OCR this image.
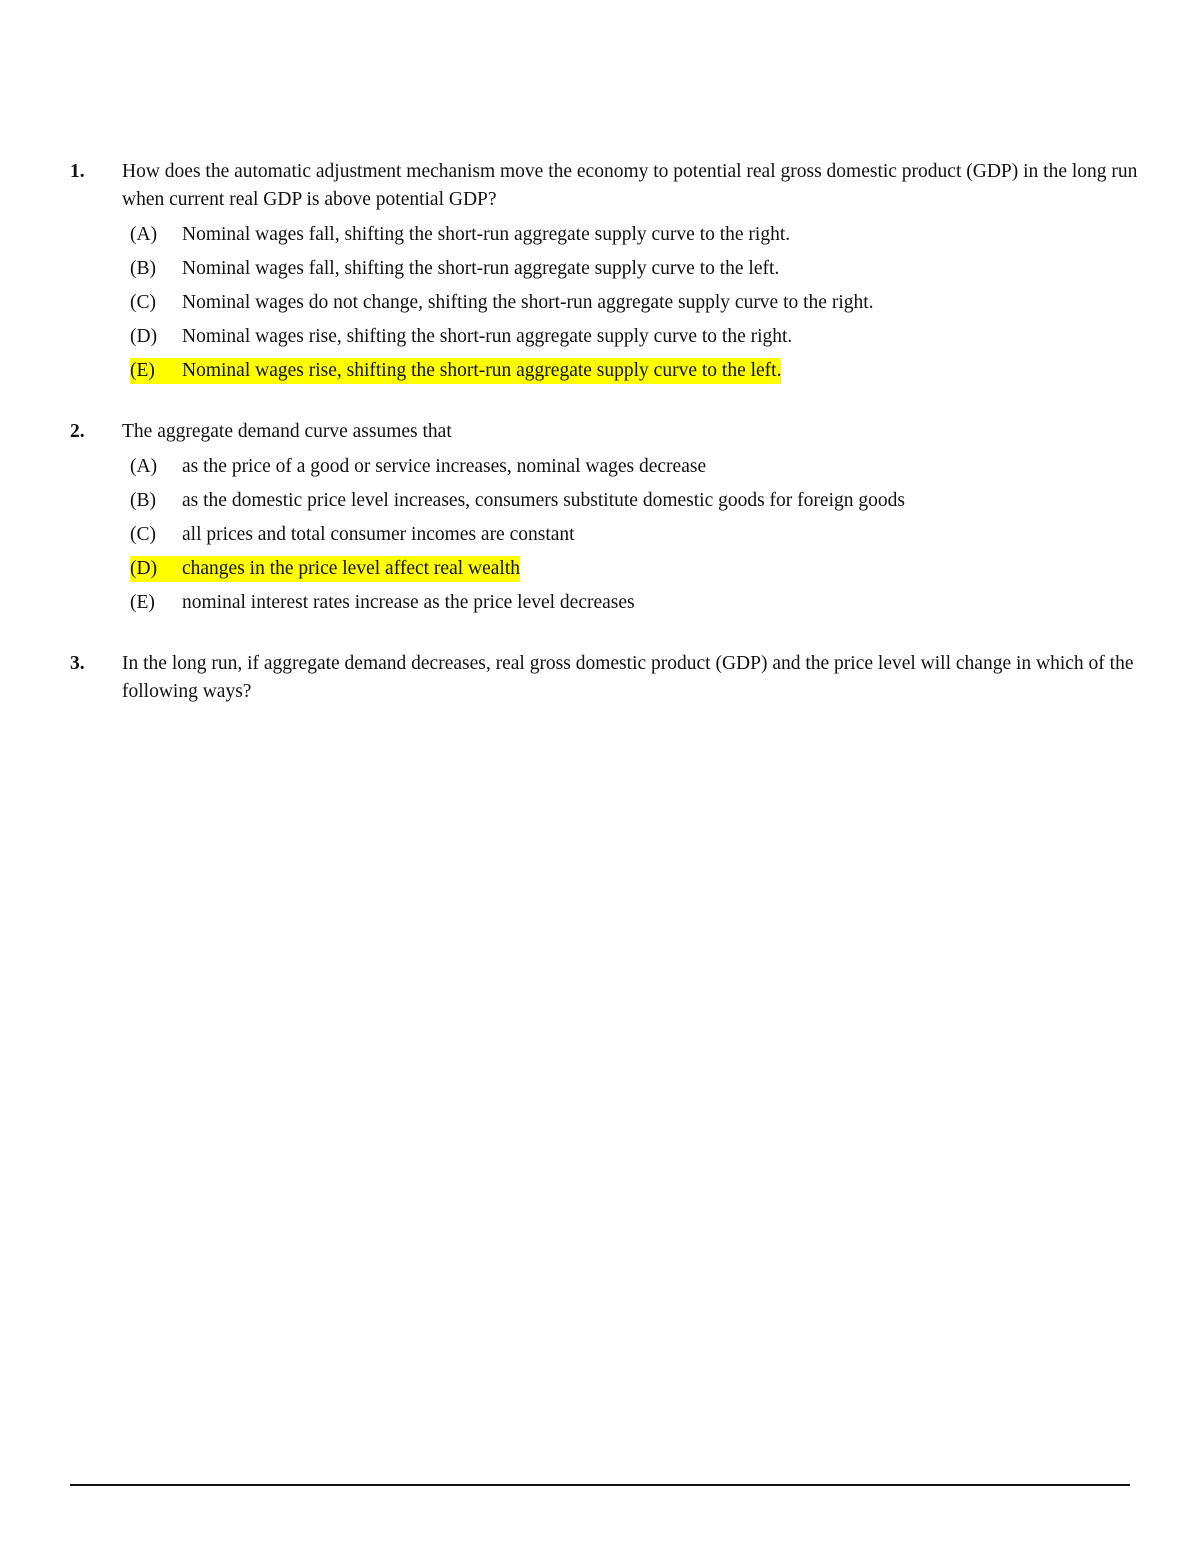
1. How does the automatic adjustment mechanism move the economy to potential real gross domestic product (GDP) in the long run when current real GDP is above potential GDP?
(A) Nominal wages fall, shifting the short-run aggregate supply curve to the right.
(B) Nominal wages fall, shifting the short-run aggregate supply curve to the left.
(C) Nominal wages do not change, shifting the short-run aggregate supply curve to the right.
(D) Nominal wages rise, shifting the short-run aggregate supply curve to the right.
(E) Nominal wages rise, shifting the short-run aggregate supply curve to the left.
2. The aggregate demand curve assumes that
(A) as the price of a good or service increases, nominal wages decrease
(B) as the domestic price level increases, consumers substitute domestic goods for foreign goods
(C) all prices and total consumer incomes are constant
(D) changes in the price level affect real wealth
(E) nominal interest rates increase as the price level decreases
3. In the long run, if aggregate demand decreases, real gross domestic product (GDP) and the price level will change in which of the following ways?
